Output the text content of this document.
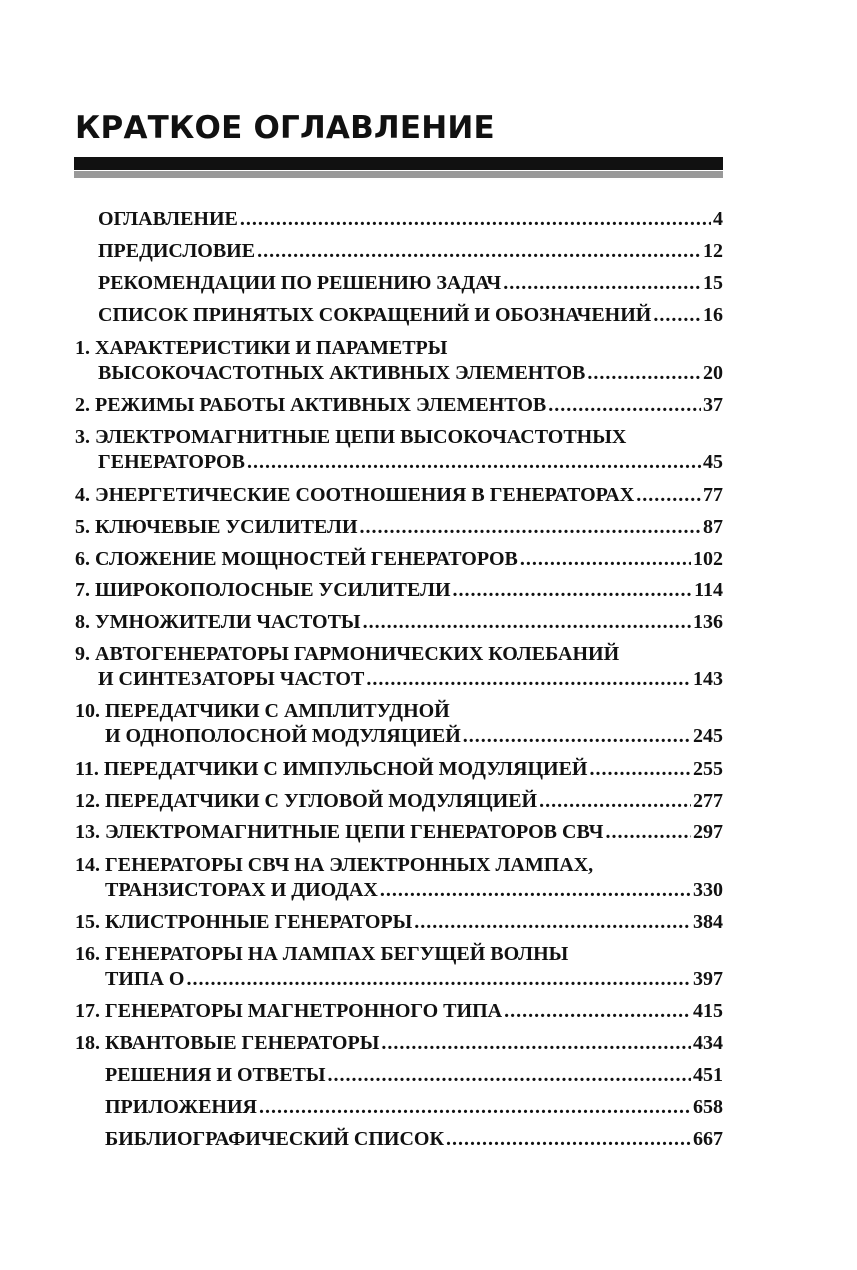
КРАТКОЕ ОГЛАВЛЕНИЕ
ОГЛАВЛЕНИЕ .....	4
ПРЕДИСЛОВИЕ .....	12
РЕКОМЕНДАЦИИ ПО РЕШЕНИЮ ЗАДАЧ .....	15
СПИСОК ПРИНЯТЫХ СОКРАЩЕНИЙ И ОБОЗНАЧЕНИЙ .....	16
1. ХАРАКТЕРИСТИКИ И ПАРАМЕТРЫ
ВЫСОКОЧАСТОТНЫХ АКТИВНЫХ ЭЛЕМЕНТОВ .....	20
2. РЕЖИМЫ РАБОТЫ АКТИВНЫХ ЭЛЕМЕНТОВ .....	37
3. ЭЛЕКТРОМАГНИТНЫЕ ЦЕПИ ВЫСОКОЧАСТОТНЫХ
ГЕНЕРАТОРОВ .....	45
4. ЭНЕРГЕТИЧЕСКИЕ СООТНОШЕНИЯ В ГЕНЕРАТОРАХ .....	77
5. КЛЮЧЕВЫЕ УСИЛИТЕЛИ .....	87
6. СЛОЖЕНИЕ МОЩНОСТЕЙ ГЕНЕРАТОРОВ .....	102
7. ШИРОКОПОЛОСНЫЕ УСИЛИТЕЛИ .....	114
8. УМНОЖИТЕЛИ ЧАСТОТЫ .....	136
9. АВТОГЕНЕРАТОРЫ ГАРМОНИЧЕСКИХ КОЛЕБАНИЙ
И СИНТЕЗАТОРЫ ЧАСТОТ .....	143
10. ПЕРЕДАТЧИКИ С АМПЛИТУДНОЙ
И ОДНОПОЛОСНОЙ МОДУЛЯЦИЕЙ .....	245
11. ПЕРЕДАТЧИКИ С ИМПУЛЬСНОЙ МОДУЛЯЦИЕЙ .....	255
12. ПЕРЕДАТЧИКИ С УГЛОВОЙ МОДУЛЯЦИЕЙ .....	277
13. ЭЛЕКТРОМАГНИТНЫЕ ЦЕПИ ГЕНЕРАТОРОВ СВЧ .....	297
14. ГЕНЕРАТОРЫ СВЧ НА ЭЛЕКТРОННЫХ ЛАМПАХ,
ТРАНЗИСТОРАХ И ДИОДАХ .....	330
15. КЛИСТРОННЫЕ ГЕНЕРАТОРЫ .....	384
16. ГЕНЕРАТОРЫ НА ЛАМПАХ БЕГУЩЕЙ ВОЛНЫ
ТИПА О .....	397
17. ГЕНЕРАТОРЫ МАГНЕТРОННОГО ТИПА .....	415
18. КВАНТОВЫЕ ГЕНЕРАТОРЫ .....	434
РЕШЕНИЯ И ОТВЕТЫ .....	451
ПРИЛОЖЕНИЯ .....	658
БИБЛИОГРАФИЧЕСКИЙ СПИСОК .....	667
